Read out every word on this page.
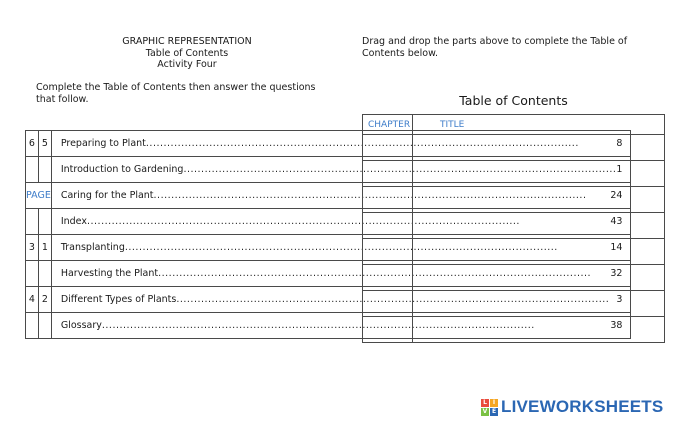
GRAPHIC REPRESENTATION
Table of Contents
Activity Four
Complete the Table of Contents then answer the questions that follow.
Drag and drop the parts above to complete the Table of Contents below.
6	5	Preparing to Plant ..... 8

		Introduction to Gardening ..... 1

PAGE		Caring for the Plant ..... 24

		Index ..... 43

3	1	Transplanting ..... 14

		Harvesting the Plant ..... 32

4	2	Different Types of Plants ..... 3

		Glossary ..... 38
Table of Contents
CHAPTER	TITLE

L I
V E LIVEWORKSHEETS
